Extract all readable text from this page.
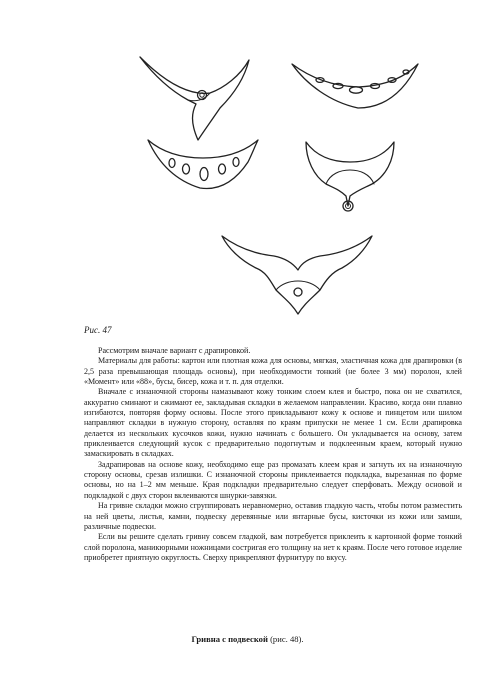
Рис. 47

Рассмотрим вначале вариант с драпировкой.

Материалы для работы: картон или плотная кожа для основы, мягкая, эластичная кожа для драпировки (в 2,5 раза превышающая площадь основы), при необходимости тонкий (не более 3 мм) поролон, клей «Момент» или «88», бусы, бисер, кожа и т. п. для отделки.

Вначале с изнаночной стороны намазывают кожу тонким слоем клея и быстро, пока он не схватился, аккуратно сминают и сжимают ее, закладывая складки в желаемом направлении. Красиво, когда они плавно изгибаются, повторяя форму основы. После этого прикладывают кожу к основе и пинцетом или шилом направляют складки в нужную сторону, оставляя по краям припуски не менее 1 см. Если драпировка делается из нескольких кусочков кожи, нужно начинать с большего. Он укладывается на основу, затем приклеивается следующий кусок с предварительно подогнутым и подклеенным краем, который нужно замаскировать в складках.

Задрапировав на основе кожу, необходимо еще раз промазать клеем края и загнуть их на изнаночную сторону основы, срезав излишки. С изнаночной стороны приклеивается подкладка, вырезанная по форме основы, но на 1–2 мм меньше. Края подкладки предварительно следует сперфовать. Между основой и подкладкой с двух сторон вклеиваются шнурки-завязки.

На гривне складки можно сгруппировать неравномерно, оставив гладкую часть, чтобы потом разместить на ней цветы, листья, камни, подвеску деревянные или янтарные бусы, кисточки из кожи или замши, различные подвески.

Если вы решите сделать гривну совсем гладкой, вам потребуется приклеить к картонной форме тонкий слой поролона, маникюрными ножницами состригая его толщину на нет к краям. После чего готовое изделие приобретет приятную округлость. Сверху прикрепляют фурнитуру по вкусу.

Гривна с подвеской (рис. 48).
